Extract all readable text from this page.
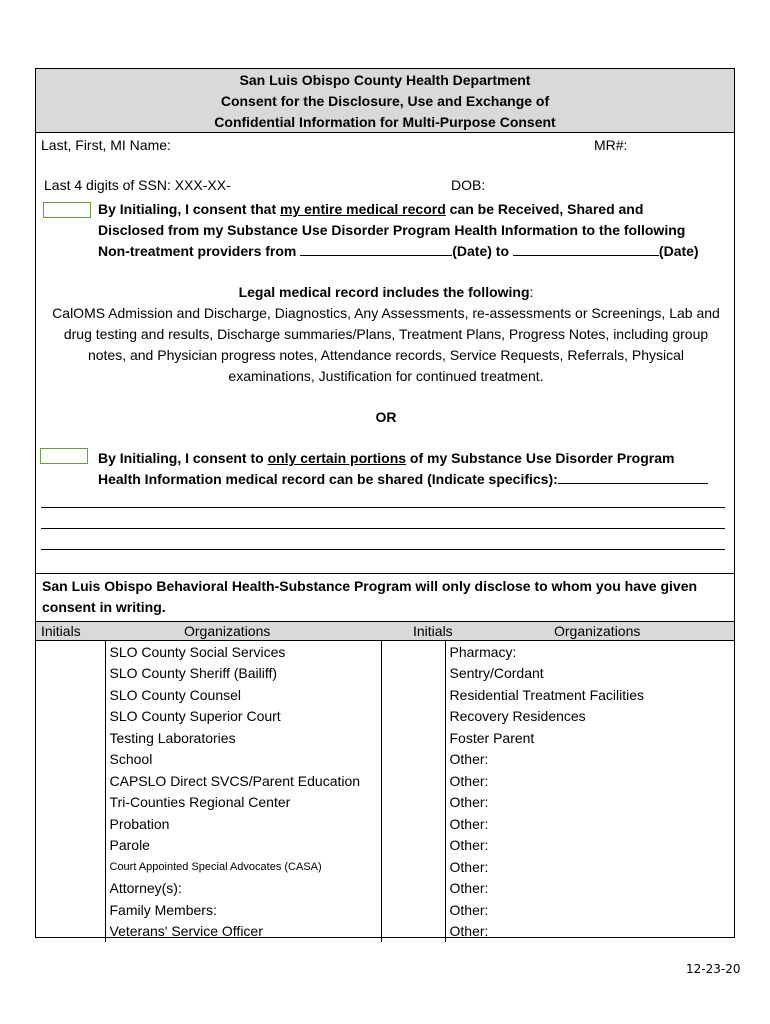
San Luis Obispo County Health Department
Consent for the Disclosure, Use and Exchange of
Confidential Information for Multi-Purpose Consent
Last, First, MI Name:	MR#:
Last 4 digits of SSN: XXX-XX-	DOB:
By Initialing, I consent that my entire medical record can be Received, Shared and
Disclosed from my Substance Use Disorder Program Health Information to the following
Non-treatment providers from	(Date) to	(Date)
Legal medical record includes the following:
CalOMS Admission and Discharge, Diagnostics, Any Assessments, re-assessments or Screenings, Lab and drug testing and results, Discharge summaries/Plans, Treatment Plans, Progress Notes, including group notes, and Physician progress notes, Attendance records, Service Requests, Referrals, Physical examinations, Justification for continued treatment.
OR
By Initialing, I consent to only certain portions of my Substance Use Disorder Program
Health Information medical record can be shared (Indicate specifics):
San Luis Obispo Behavioral Health-Substance Program will only disclose to whom you have given consent in writing.
Initials	Organizations	Initials	Organizations
	SLO County Social Services		Pharmacy:
	SLO County Sheriff (Bailiff)		Sentry/Cordant
	SLO County Counsel		Residential Treatment Facilities
	SLO County Superior Court		Recovery Residences
	Testing Laboratories		Foster Parent
	School		Other:
	CAPSLO Direct SVCS/Parent Education		Other:
	Tri-Counties Regional Center		Other:
	Probation		Other:
	Parole		Other:
	Court Appointed Special Advocates (CASA)		Other:
	Attorney(s):		Other:
	Family Members:		Other:
	Veterans' Service Officer		Other:
12-23-20
